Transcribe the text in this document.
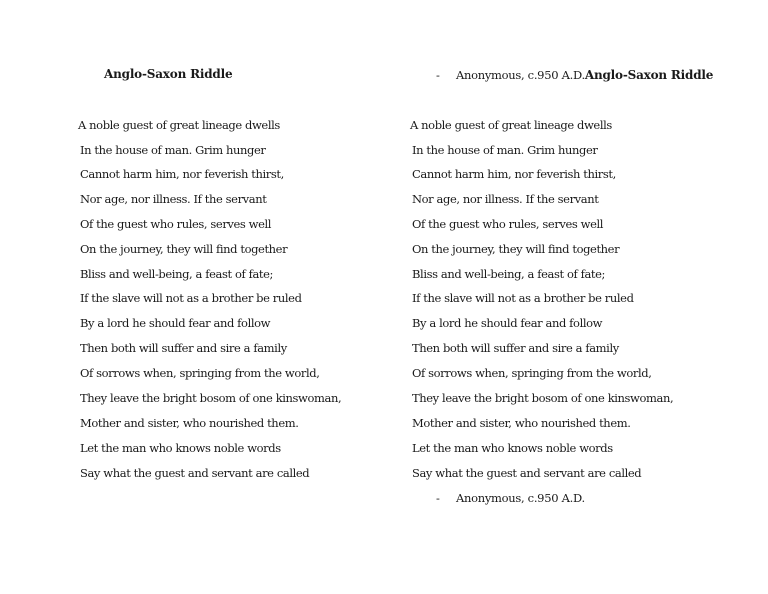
Anglo-Saxon Riddle
A noble guest of great lineage dwells
In the house of man. Grim hunger
Cannot harm him, nor feverish thirst,
Nor age, nor illness. If the servant
Of the guest who rules, serves well
On the journey, they will find together
Bliss and well-being, a feast of fate;
If the slave will not as a brother be ruled
By a lord he should fear and follow
Then both will suffer and sire a family
Of sorrows when, springing from the world,
They leave the bright bosom of one kinswoman,
Mother and sister, who nourished them.
Let the man who knows noble words
Say what the guest and servant are called
- Anonymous, c.950 A.D.Anglo-Saxon Riddle
A noble guest of great lineage dwells
In the house of man. Grim hunger
Cannot harm him, nor feverish thirst,
Nor age, nor illness. If the servant
Of the guest who rules, serves well
On the journey, they will find together
Bliss and well-being, a feast of fate;
If the slave will not as a brother be ruled
By a lord he should fear and follow
Then both will suffer and sire a family
Of sorrows when, springing from the world,
They leave the bright bosom of one kinswoman,
Mother and sister, who nourished them.
Let the man who knows noble words
Say what the guest and servant are called
- Anonymous, c.950 A.D.
